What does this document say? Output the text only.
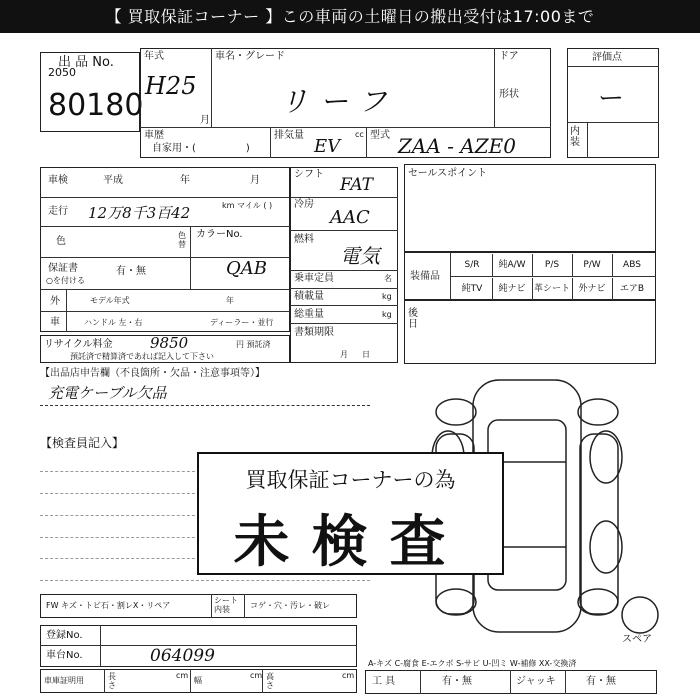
【 買取保証コーナー 】この車両の土曜日の搬出受付は17:00まで
出 品 No.
2050
80180
年式
H25
月
車名・グレード
リーフ
ドア
形状
車歴
自家用・(　　　　　)
排気量	cc
EV
型式 ZAA - AZE0
評価点
ー
内装
車検	平成	年	月
走行 12万8千3百42	km マイル ( )
色
色替
カラーNo.
QAB
保証書
○を付ける
有・無
外
車
モデル年式	年
ハンドル 左・右	ディーラー・並行
リサイクル料金 9850	円 預託済
預託済で精算済であれば記入して下さい
シフト
FAT
冷房
AAC
燃料
電気
乗車定員	名
積載量	kg
総重量	kg
書類期限
月日
セールスポイント
装備品
S/R	純A/W	P/S	P/W	ABS
純TV	純ナビ 革シート 外ナビ	エアB
後日
【出品店申告欄（不良箇所・欠品・注意事項等）】
充電ケーブル欠品
【検査員記入】
スペア
買取保証コーナーの為
未検査
FW キズ・トビ石・割レX・リペア
シート内装	コゲ・穴・汚レ・破レ
登録No.
車台No.	064099
車庫証明用	長さ
cm
幅
cm 高さ
cm
A-キズ C-腐食 E-エクボ S-サビ U-凹ミ W-補修 XX-交換済
工 具	有・無	ジャッキ	有・無
